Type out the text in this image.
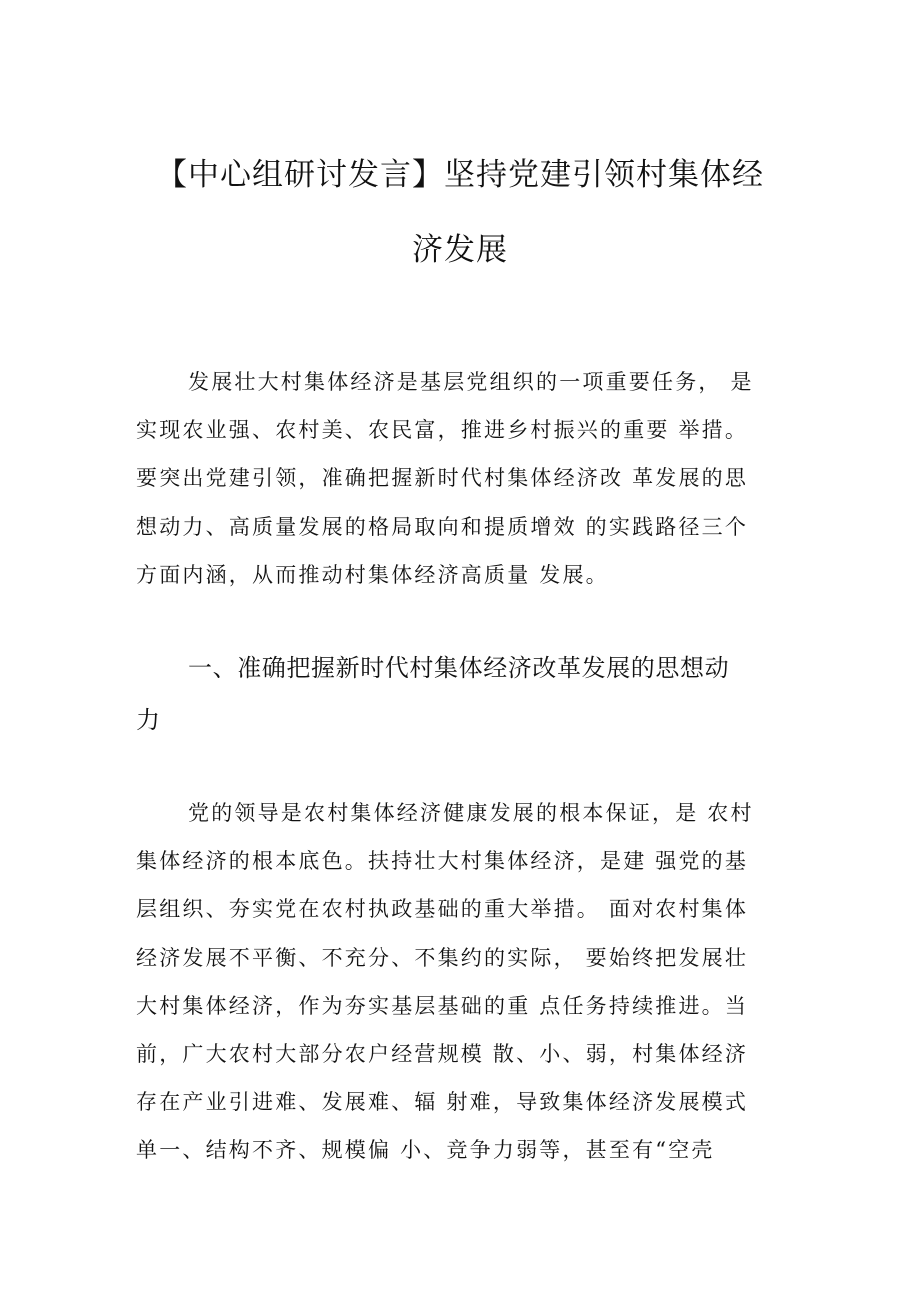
【中心组研讨发言】坚持党建引领村集体经
济发展
发展壮大村集体经济是基层党组织的一项重要任务， 是
实现农业强、农村美、农民富，推进乡村振兴的重要 举措。
要突出党建引领，准确把握新时代村集体经济改 革发展的思
想动力、高质量发展的格局取向和提质增效 的实践路径三个
方面内涵，从而推动村集体经济高质量 发展。
一、准确把握新时代村集体经济改革发展的思想动
力
党的领导是农村集体经济健康发展的根本保证，是 农村
集体经济的根本底色。扶持壮大村集体经济，是建 强党的基
层组织、夯实党在农村执政基础的重大举措。 面对农村集体
经济发展不平衡、不充分、不集约的实际， 要始终把发展壮
大村集体经济，作为夯实基层基础的重 点任务持续推进。当
前，广大农村大部分农户经营规模 散、小、弱，村集体经济
存在产业引进难、发展难、辐 射难，导致集体经济发展模式
单一、结构不齐、规模偏 小、竞争力弱等，甚至有“空壳
